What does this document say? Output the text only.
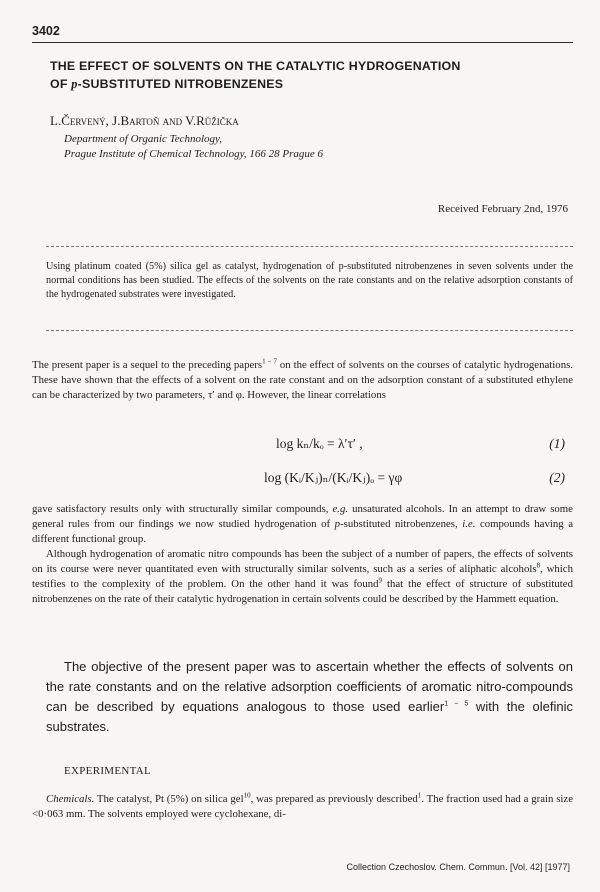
3402
THE EFFECT OF SOLVENTS ON THE CATALYTIC HYDROGENATION
OF p-SUBSTITUTED NITROBENZENES
L.Červený, J.Bartoň and V.Růžička
Department of Organic Technology,
Prague Institute of Chemical Technology, 166 28 Prague 6
Received February 2nd, 1976

Using platinum coated (5%) silica gel as catalyst, hydrogenation of p-substituted nitrobenzenes in seven solvents under the normal conditions has been studied. The effects of the solvents on the rate constants and on the relative adsorption constants of the hydrogenated substrates were investigated.

The present paper is a sequel to the preceding papers$^{1 - 7}$ on the effect of solvents on the courses of catalytic hydrogenations. These have shown that the effects of a solvent on the rate constant and on the adsorption constant of a substituted ethylene can be characterized by two parameters, τ′ and φ. However, the linear correlations

log kₙ/kₒ = λ′τ′ ,	(1)
log (Kᵢ/Kⱼ)ₙ/(Kᵢ/Kⱼ)ₒ = γφ	(2)

gave satisfactory results only with structurally similar compounds, e.g. unsaturated alcohols. In an attempt to draw some general rules from our findings we now studied hydrogenation of p-substituted nitrobenzenes, i.e. compounds having a different functional group.

Although hydrogenation of aromatic nitro compounds has been the subject of a number of papers, the effects of solvents on its course were never quantitated even with structurally similar solvents, such as a series of aliphatic alcohols$^8$, which testifies to the complexity of the problem. On the other hand it was found$^9$ that the effect of structure of substituted nitrobenzenes on the rate of their catalytic hydrogenation in certain solvents could be described by the Hammett equation.

The objective of the present paper was to ascertain whether the effects of solvents on the rate constants and on the relative adsorption coefficients of aromatic nitro-compounds can be described by equations analogous to those used earlier$^{1 - 5}$ with the olefinic substrates.

EXPERIMENTAL

Chemicals. The catalyst, Pt (5%) on silica gel$^{10}$, was prepared as previously described$^1$. The fraction used had a grain size <0·063 mm. The solvents employed were cyclohexane, di-

Collection Czechoslov. Chem. Commun. [Vol. 42] [1977]
